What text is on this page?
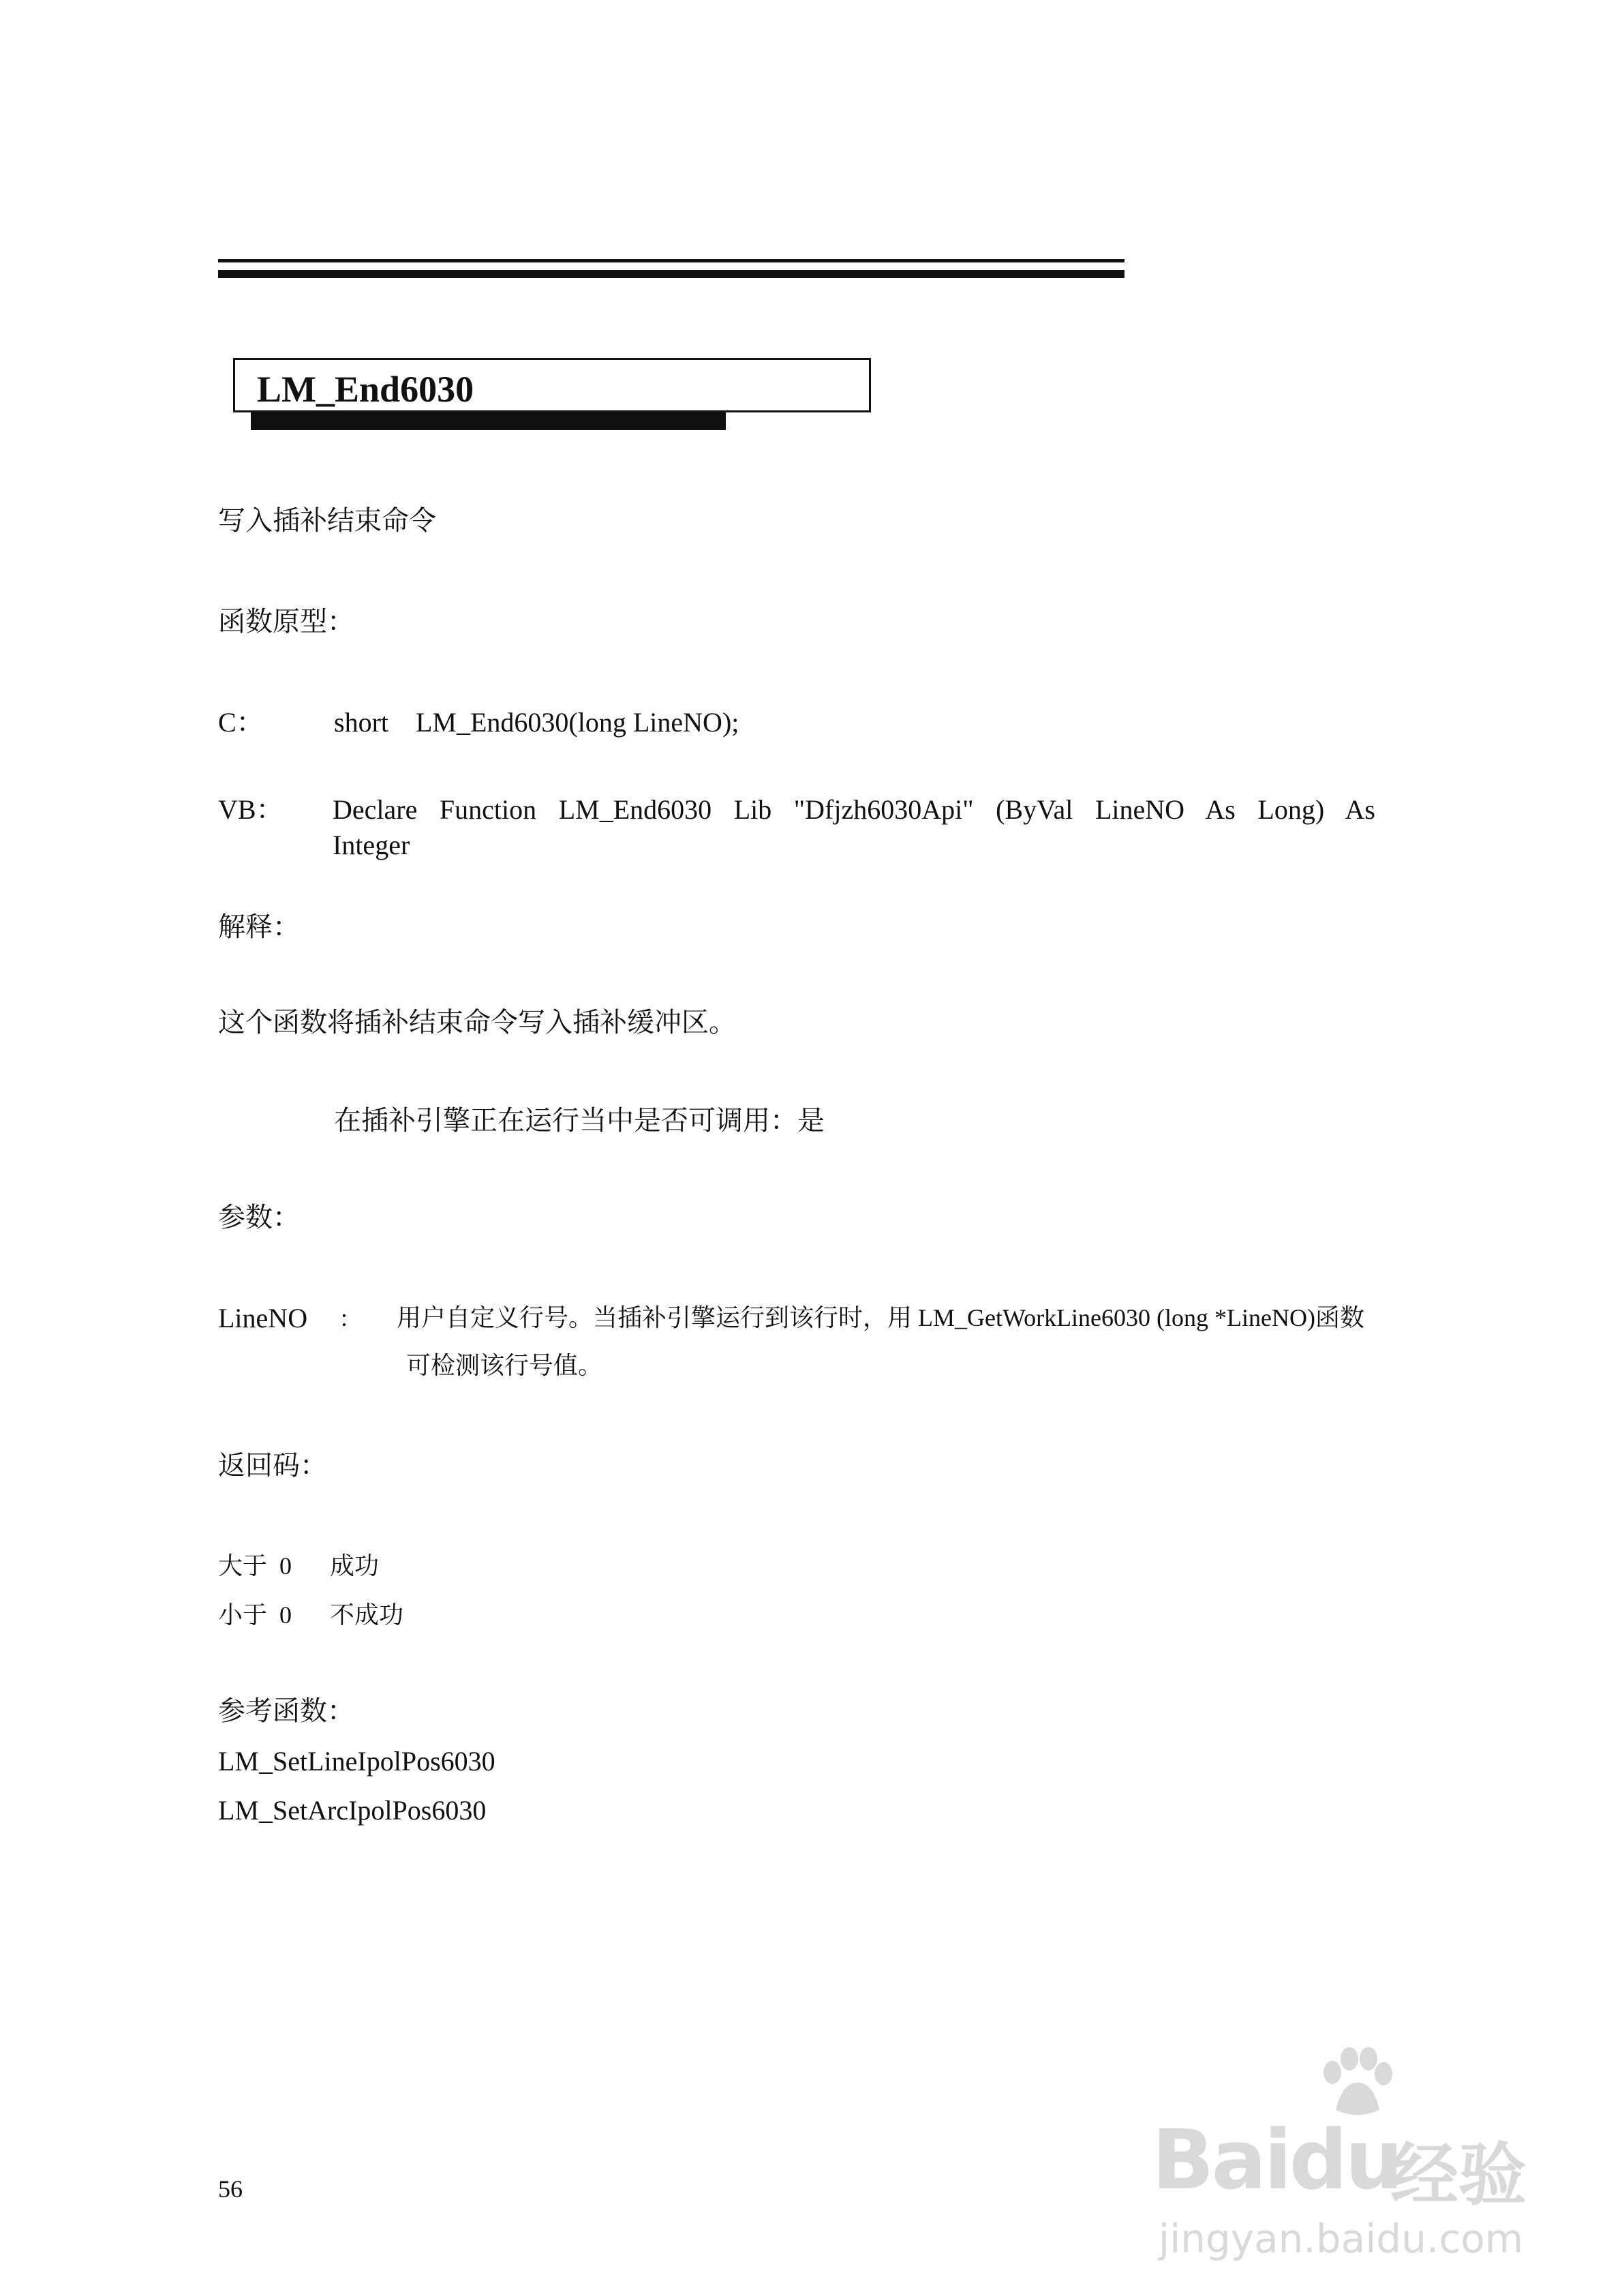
LM_End6030
写入插补结束命令
函数原型：
C：	short    LM_End6030(long LineNO);
VB： Declare  Function  LM_End6030  Lib  "Dfjzh6030Api"  (ByVal  LineNO  As  Long)  As
Integer
解释：
这个函数将插补结束命令写入插补缓冲区。
在插补引擎正在运行当中是否可调用：是
参数：
LineNO : 用户自定义行号。当插补引擎运行到该行时，用 LM_GetWorkLine6030 (long *LineNO)函数
可检测该行号值。
返回码：
大于  0 成功
小于  0 不成功
参考函数：
LM_SetLineIpolPos6030
LM_SetArcIpolPos6030
56	Baidu
经验
jingyan.baidu.com
